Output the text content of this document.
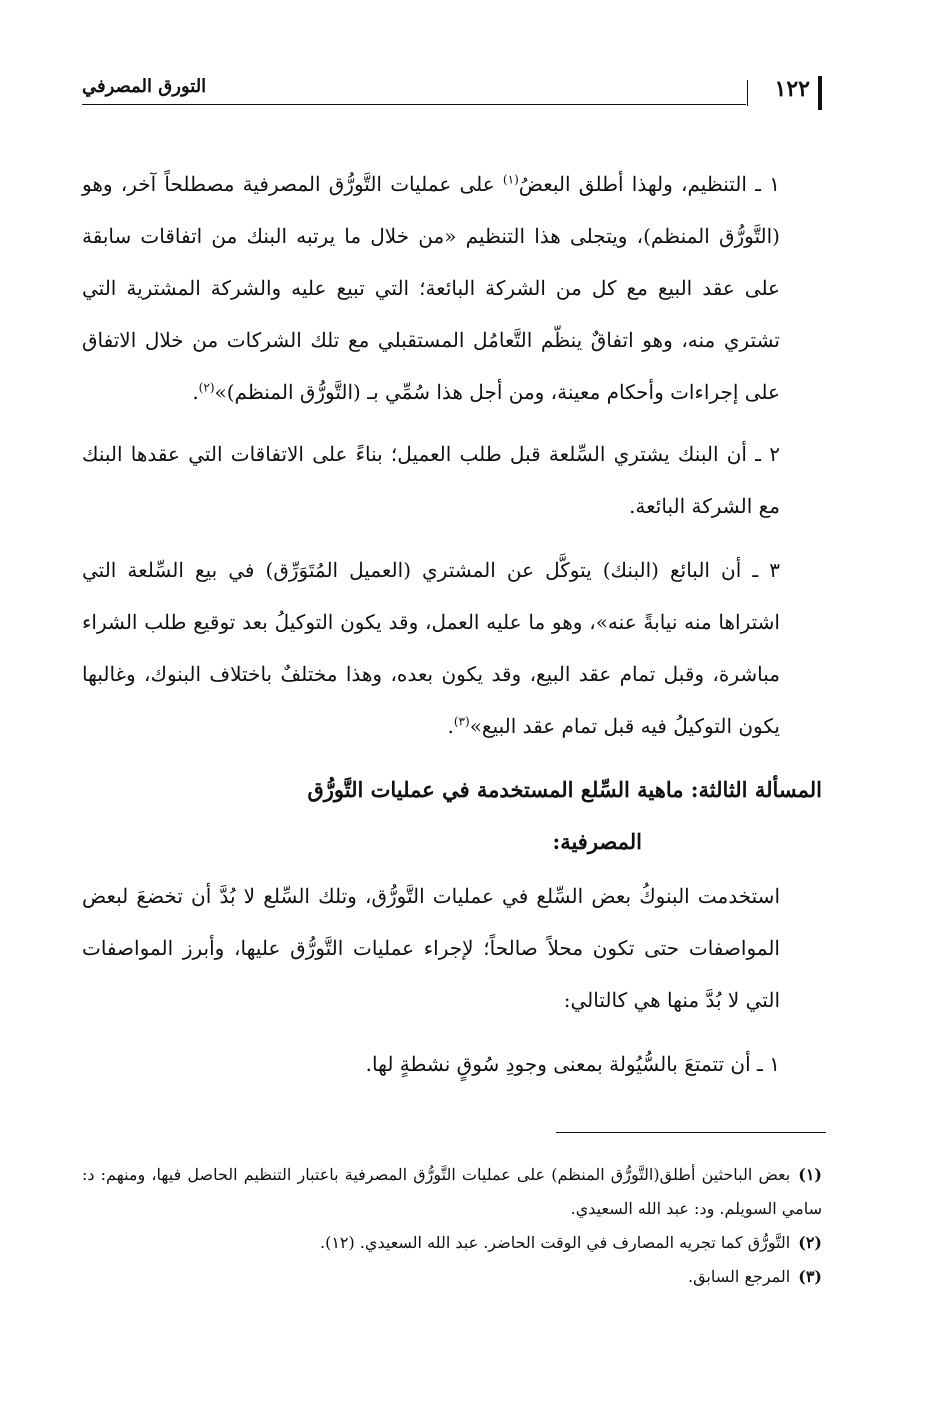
التورق المصرفي	١٢٢

١ ـ التنظيم، ولهذا أطلق البعضُ$^{(١)}$ على عمليات التَّورُّق المصرفية مصطلحاً آخر، وهو (التَّورُّق المنظم)، ويتجلى هذا التنظيم «من خلال ما يرتبه البنك من اتفاقات سابقة على عقد البيع مع كل من الشركة البائعة؛ التي تبيع عليه والشركة المشترية التي تشتري منه، وهو اتفاقٌ ينظّم التَّعامُل المستقبلي مع تلك الشركات من خلال الاتفاق على إجراءات وأحكام معينة، ومن أجل هذا سُمِّي بـ (التَّورُّق المنظم)»$^{(٢)}$.

٢ ـ أن البنك يشتري السِّلعة قبل طلب العميل؛ بناءً على الاتفاقات التي عقدها البنك مع الشركة البائعة.

٣ ـ أن البائع (البنك) يتوكَّل عن المشتري (العميل المُتَوَرِّق) في بيع السِّلعة التي اشتراها منه نيابةً عنه»، وهو ما عليه العمل، وقد يكون التوكيلُ بعد توقيع طلب الشراء مباشرة، وقبل تمام عقد البيع، وقد يكون بعده، وهذا مختلفٌ باختلاف البنوك، وغالبها يكون التوكيلُ فيه قبل تمام عقد البيع»$^{(٣)}$.

المسألة الثالثة: ماهية السِّلع المستخدمة في عمليات التَّورُّق

المصرفية:

استخدمت البنوكُ بعض السِّلع في عمليات التَّورُّق، وتلك السِّلع لا بُدَّ أن تخضعَ لبعض المواصفات حتى تكون محلاً صالحاً؛ لإجراء عمليات التَّورُّق عليها، وأبرز المواصفات التي لا بُدَّ منها هي كالتالي:

١ ـ أن تتمتعَ بالسُّيُولة بمعنى وجودِ سُوقٍ نشطةٍ لها.

(١)بعض الباحثين أطلق(التَّورُّق المنظم) على عمليات التَّورُّق المصرفية باعتبار التنظيم الحاصل فيها، ومنهم: د: سامي السويلم. ود: عبد الله السعيدي.

(٢)التَّورُّق كما تجريه المصارف في الوقت الحاضر. عبد الله السعيدي. (١٢).

(٣)المرجع السابق.
